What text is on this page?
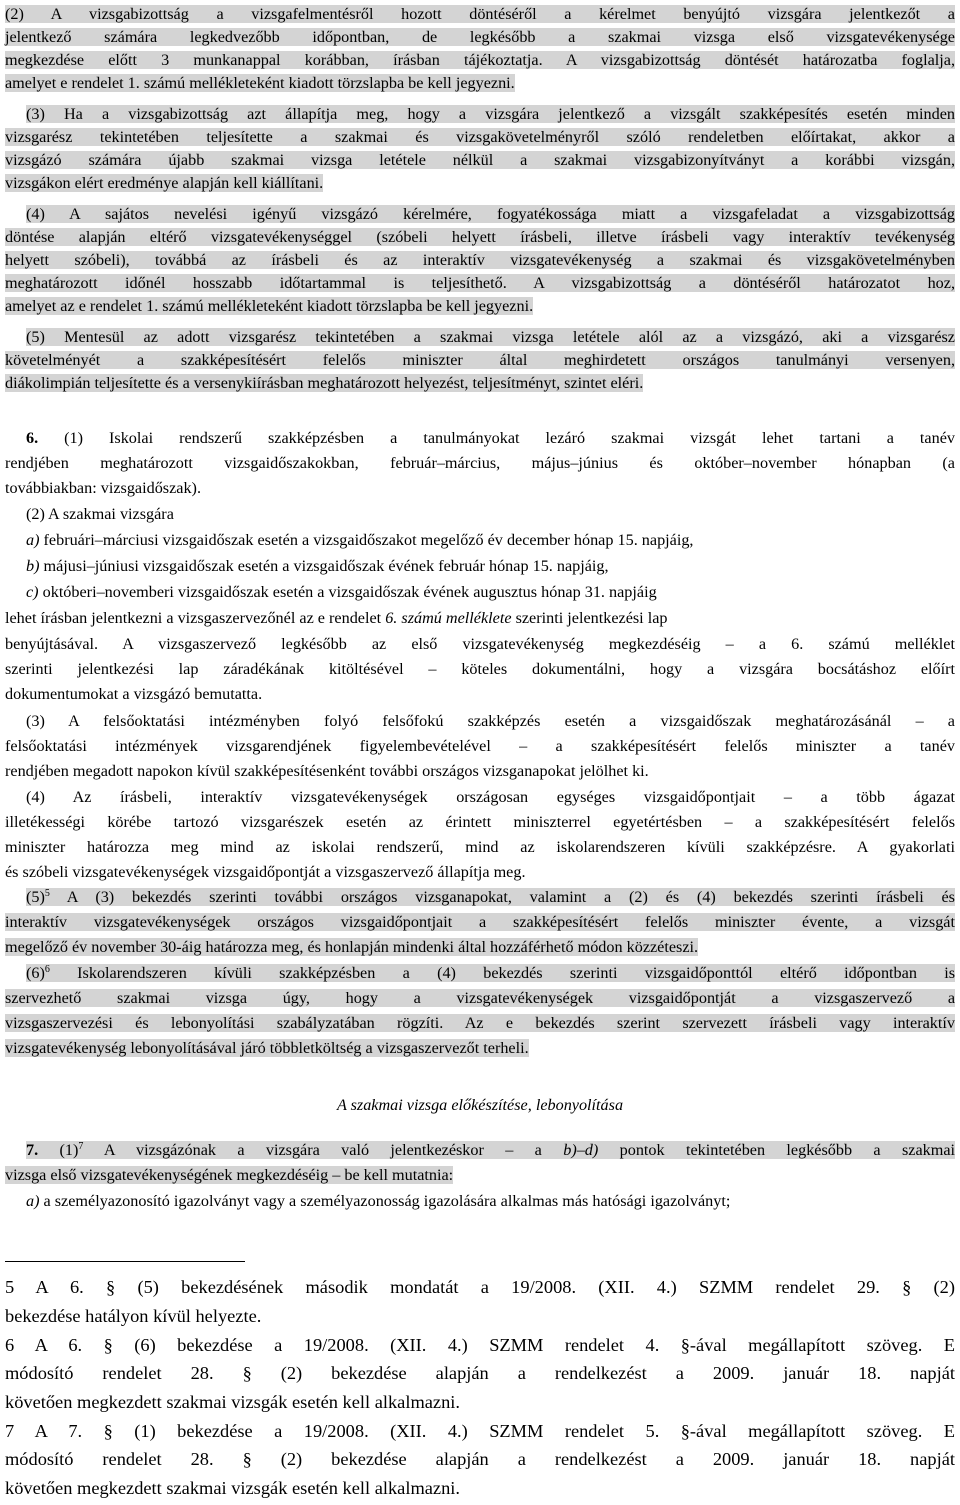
(2) A vizsgabizottság a vizsgafelmentésről hozott döntéséről a kérelmet benyújtó vizsgára jelentkezőt a
jelentkező számára legkedvezőbb időpontban, de legkésőbb a szakmai vizsga első vizsgatevékenysége
megkezdése előtt 3 munkanappal korábban, írásban tájékoztatja. A vizsgabizottság döntését határozatba foglalja,
amelyet e rendelet 1. számú mellékleteként kiadott törzslapba be kell jegyezni.
(3) Ha a vizsgabizottság azt állapítja meg, hogy a vizsgára jelentkező a vizsgált szakképesítés esetén minden
vizsgarész tekintetében teljesítette a szakmai és vizsgakövetelményről szóló rendeletben előírtakat, akkor a
vizsgázó számára újabb szakmai vizsga letétele nélkül a szakmai vizsgabizonyítványt a korábbi vizsgán,
vizsgákon elért eredménye alapján kell kiállítani.
(4) A sajátos nevelési igényű vizsgázó kérelmére, fogyatékossága miatt a vizsgafeladat a vizsgabizottság
döntése alapján eltérő vizsgatevékenységgel (szóbeli helyett írásbeli, illetve írásbeli vagy interaktív tevékenység
helyett szóbeli), továbbá az írásbeli és az interaktív vizsgatevékenység a szakmai és vizsgakövetelményben
meghatározott időnél hosszabb időtartammal is teljesíthető. A vizsgabizottság a döntéséről határozatot hoz,
amelyet az e rendelet 1. számú mellékleteként kiadott törzslapba be kell jegyezni.
(5) Mentesül az adott vizsgarész tekintetében a szakmai vizsga letétele alól az a vizsgázó, aki a vizsgarész
követelményét a szakképesítésért felelős miniszter által meghirdetett országos tanulmányi versenyen,
diákolimpián teljesítette és a versenykiírásban meghatározott helyezést, teljesítményt, szintet eléri.
6. (1) Iskolai rendszerű szakképzésben a tanulmányokat lezáró szakmai vizsgát lehet tartani a tanév
rendjében meghatározott vizsgaidőszakokban, február–március, május–június és október–november hónapban (a
továbbiakban: vizsgaidőszak).
(2) A szakmai vizsgára
a) februári–márciusi vizsgaidőszak esetén a vizsgaidőszakot megelőző év december hónap 15. napjáig,
b) májusi–júniusi vizsgaidőszak esetén a vizsgaidőszak évének február hónap 15. napjáig,
c) októberi–novemberi vizsgaidőszak esetén a vizsgaidőszak évének augusztus hónap 31. napjáig
lehet írásban jelentkezni a vizsgaszervezőnél az e rendelet 6. számú melléklete szerinti jelentkezési lap
benyújtásával. A vizsgaszervező legkésőbb az első vizsgatevékenység megkezdéséig – a 6. számú melléklet
szerinti jelentkezési lap záradékának kitöltésével – köteles dokumentálni, hogy a vizsgára bocsátáshoz előírt
dokumentumokat a vizsgázó bemutatta.
(3) A felsőoktatási intézményben folyó felsőfokú szakképzés esetén a vizsgaidőszak meghatározásánál – a
felsőoktatási intézmények vizsgarendjének figyelembevételével – a szakképesítésért felelős miniszter a tanév
rendjében megadott napokon kívül szakképesítésenként további országos vizsganapokat jelölhet ki.
(4) Az írásbeli, interaktív vizsgatevékenységek országosan egységes vizsgaidőpontjait – a több ágazat
illetékességi körébe tartozó vizsgarészek esetén az érintett miniszterrel egyetértésben – a szakképesítésért felelős
miniszter határozza meg mind az iskolai rendszerű, mind az iskolarendszeren kívüli szakképzésre. A gyakorlati
és szóbeli vizsgatevékenységek vizsgaidőpontját a vizsgaszervező állapítja meg.
$(5)^5$ A (3) bekezdés szerinti további országos vizsganapokat, valamint a (2) és (4) bekezdés szerinti írásbeli és
interaktív vizsgatevékenységek országos vizsgaidőpontjait a szakképesítésért felelős miniszter évente, a vizsgát
megelőző év november 30-áig határozza meg, és honlapján mindenki által hozzáférhető módon közzéteszi.
$(6)^6$ Iskolarendszeren kívüli szakképzésben a (4) bekezdés szerinti vizsgaidőponttól eltérő időpontban is
szervezhető szakmai vizsga úgy, hogy a vizsgatevékenységek vizsgaidőpontját a vizsgaszervező a
vizsgaszervezési és lebonyolítási szabályzatában rögzíti. Az e bekezdés szerint szervezett írásbeli vagy interaktív
vizsgatevékenység lebonyolításával járó többletköltség a vizsgaszervezőt terheli.
A szakmai vizsga előkészítése, lebonyolítása
7. $(1)^7$ A vizsgázónak a vizsgára való jelentkezéskor – a b)–d) pontok tekintetében legkésőbb a szakmai
vizsga első vizsgatevékenységének megkezdéséig – be kell mutatnia:
a) a személyazonosító igazolványt vagy a személyazonosság igazolására alkalmas más hatósági igazolványt;
5 A 6. § (5) bekezdésének második mondatát a 19/2008. (XII. 4.) SZMM rendelet 29. § (2)
bekezdése hatályon kívül helyezte.
6 A 6. § (6) bekezdése a 19/2008. (XII. 4.) SZMM rendelet 4. §-ával megállapított szöveg. E
módosító rendelet 28. § (2) bekezdése alapján a rendelkezést a 2009. január 18. napját
követően megkezdett szakmai vizsgák esetén kell alkalmazni.
7 A 7. § (1) bekezdése a 19/2008. (XII. 4.) SZMM rendelet 5. §-ával megállapított szöveg. E
módosító rendelet 28. § (2) bekezdése alapján a rendelkezést a 2009. január 18. napját
követően megkezdett szakmai vizsgák esetén kell alkalmazni.
